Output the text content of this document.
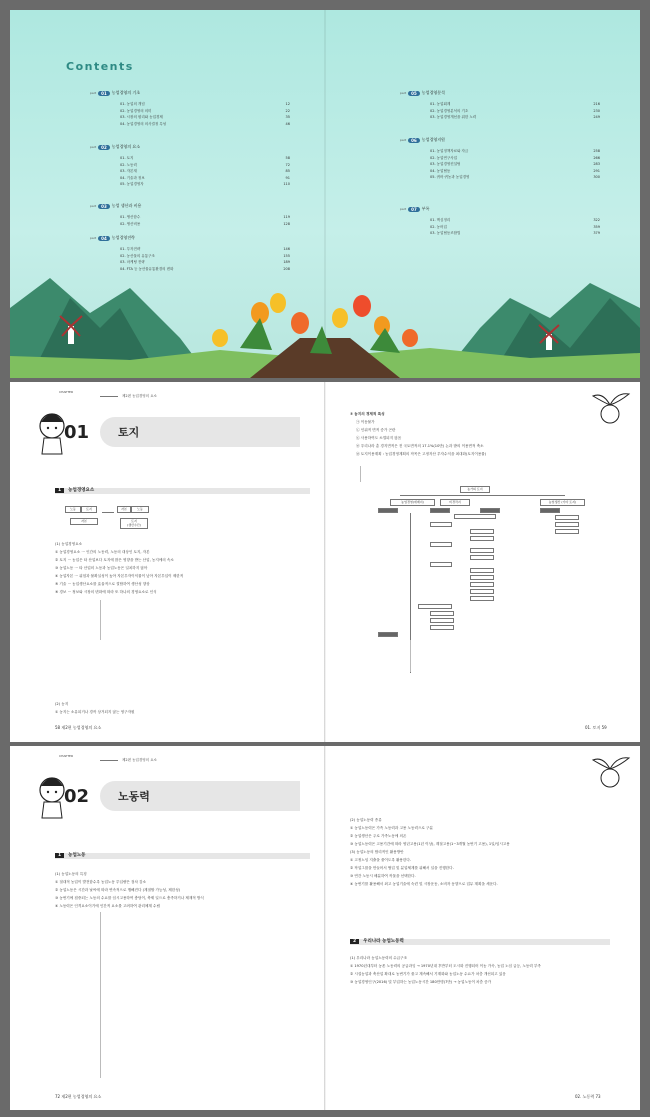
Contents
part	01	농업경영의 기초
01. 농업의 개념	12
02. 농업경영의 의미	22
03. 시장의 원리와 농업경제	35
04. 농업경영의 의사결정 특성	46
part	02	농업경영의 요소
01. 토지	58
02. 노동력	72
03. 자본재	85
04. 기술과 정보	91
05. 농업경영자	110
part	03	농업 생산과 비용
01. 생산함수	119
02. 생산비용	128
part	04	농업경영전략
01. 투자전략	146
02. 농산물의 유통구조	155
03. 마케팅 전략	189
04. FTA 등 농산물유통환경의 변화	208
part	05	농업경영분석
01. 농업회계	216
02. 농업경영분석의 기초	230
03. 농업경영개선을 위한 노력	249
part	06	농업경영지원
01. 농업정책자료와 자금	258
02. 농업연구사업	266
03. 농업경영컨설팅	283
04. 농업협동	291
05. 귀어·귀농과 농업경영	300
part	07	부록
01. 핵심정리	322
02. 농어업	359
03. 농업협동조합법	379
CHAPTER
01	토지
제2편 농업경영의 요소
1	농업경영요소
노동	토지	자본	노동
자본	토지
(생산수단)
(1) 농업경영요소
① 농업경영요소 ⋯ 인간의 노동력, 노동의 대상인 토지, 자본
② 토지 ⋯ 농업은 타 산업보다 토지에 많은 영향을 받는 산업, 농지에의 속소
③ 농업노동 ⋯ 타 산업의 노동과 농업노동은 일치하지 않아
④ 농업자본 ⋯ 위험과 불확실성이 높아 자본투자이익률이 낮아 자본투입이 제한적
⑤ 기술 ⋯ 농업생산요소를 효율적으로 결합하여 생산성 향상
⑥ 경보 ⋯ 정보와 시장의 변화에 따라 또 하나의 경영요소로 인식
(2) 농지
① 농지는 소유되거나 경작 상거되지 않는 영구자원
58 제2편 농업경영의 요소
③ 농지의 경제적 특성
㉠ 이동불가
㉡ 인위적 면적 증가 곤란
㉢ 사용하여도 소멸되지 않음
㉣ 우리나라 총 경지면적은 전 국토면적의 17.1%(10만) 논과 밭의 이용면적 축소
㉤ 토지이용계획 : 농업경영계획의 작목은 고정자산 투자수익을 최대화(토지이용률)
농가의 토지
농업경영(재배지)	비경작지	농업생산 (기타 토지)
01. 토지 59
CHAPTER
02	노동력
제2편 농업경영의 요소
1	농업노동
(1) 농업노동의 특징
① 절대적 농업이 발전함수록 농업노동 투입량은 점차 감소
② 농업노동은 시간과 날씨에 따라 연속적으로 행해진다 (계절할 가능성, 제한성)
③ 농번기에 집중되는 노동의 수요를 임시고용하여 충당이, 축제 일으로 충족하거나 제재적 방식
④ 노동력은 인격요소이기에 인간적 요소를 고려하여 관리체계 수립
72 제2편 농업경영의 요소
(2) 농업노동력 종류
① 농업노동력은 가족 노동력과 고용 노동력으로 구분
② 농업생산은 주로 가족노동에 의존
③ 농업노동력은 고용기간에 따라 영년고용(1년 이상), 계절고용(1~3개월 농번기 고용), 1일/임시고용
(3) 농업노동의 합리적인 활용방안
① 고정노임 지출을 줄이도록 활용한다.
② 작업그룹을 만들어서 협업 및 분업체계를 위해서 일을 진행한다.
③ 연간 노동시 배분하여 작물을 선택한다.
④ 농번기를 활용해서 최고 농업기술에 숙련 및 시장운동, 소비자 동향으로 업무 계획을 세운다.
2	우리나라 농업노동력
(1) 우리나라 농업노동력의 수급구조
① 1970년대부터 농촌 노동력의 공급과잉 → 1970년대 후반부터 도시화 진행되어 이농 가속, 농업 노임 급등, 노동력 부족
② 시설농업과 축산업 확대로 농번기가 줄고 계속해서 기계화와 농업노동 수요가 차츰 개선되고 있음
③ 농업경영인구(2016) 및 부업하는 농업노동시간 180만명(7만) → 농업노동이 차츰 증가
02. 노동력 73
